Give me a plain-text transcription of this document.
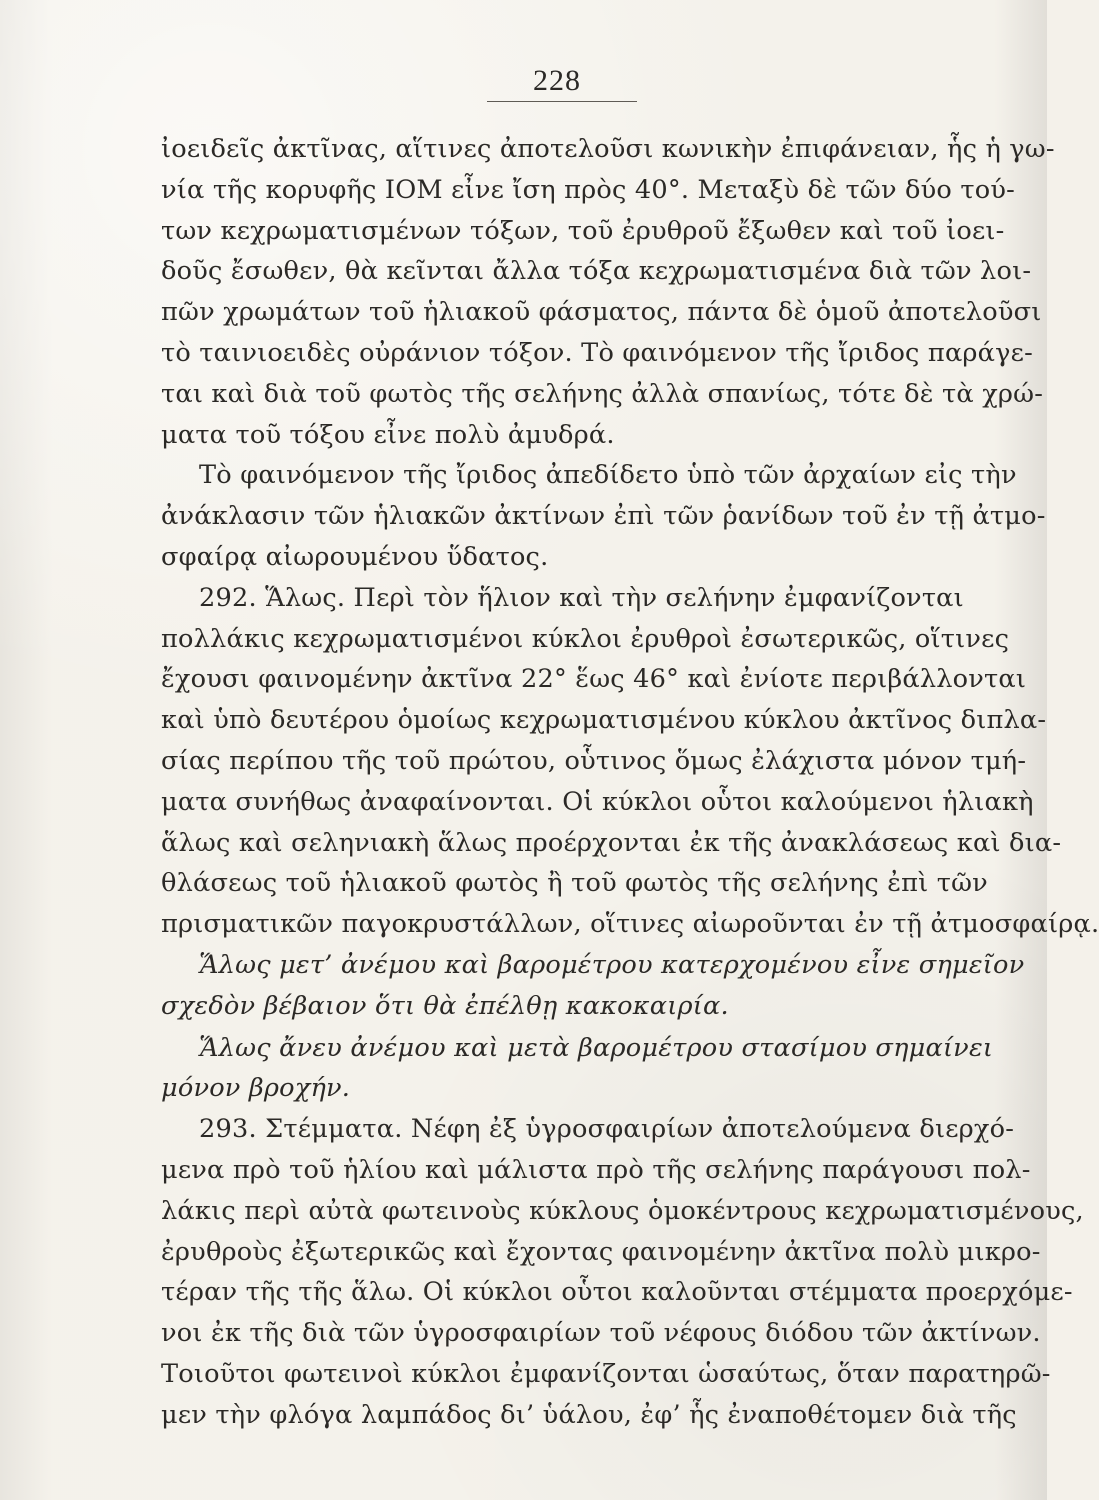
228
ἰοειδεῖς ἀκτῖνας, αἵτινες ἀποτελοῦσι κωνικὴν ἐπιφάνειαν, ἧς ἡ γω-
νία τῆς κορυφῆς ΙΟΜ εἶνε ἴση πρὸς 40°. Μεταξὺ δὲ τῶν δύο τού-
των κεχρωματισμένων τόξων, τοῦ ἐρυθροῦ ἔξωθεν καὶ τοῦ ἰοει-
δοῦς ἔσωθεν, θὰ κεῖνται ἄλλα τόξα κεχρωματισμένα διὰ τῶν λοι-
πῶν χρωμάτων τοῦ ἡλιακοῦ φάσματος, πάντα δὲ ὁμοῦ ἀποτελοῦσι
τὸ ταινιοειδὲς οὐράνιον τόξον. Τὸ φαινόμενον τῆς ἴριδος παράγε-
ται καὶ διὰ τοῦ φωτὸς τῆς σελήνης ἀλλὰ σπανίως, τότε δὲ τὰ χρώ-
ματα τοῦ τόξου εἶνε πολὺ ἀμυδρά.
Τὸ φαινόμενον τῆς ἴριδος ἀπεδίδετο ὑπὸ τῶν ἀρχαίων εἰς τὴν
ἀνάκλασιν τῶν ἡλιακῶν ἀκτίνων ἐπὶ τῶν ῥανίδων τοῦ ἐν τῇ ἀτμο-
σφαίρᾳ αἰωρουμένου ὕδατος.
292. Ἅλως. Περὶ τὸν ἥλιον καὶ τὴν σελήνην ἐμφανίζονται
πολλάκις κεχρωματισμένοι κύκλοι ἐρυθροὶ ἐσωτερικῶς, οἵτινες
ἔχουσι φαινομένην ἀκτῖνα 22° ἕως 46° καὶ ἐνίοτε περιβάλλονται
καὶ ὑπὸ δευτέρου ὁμοίως κεχρωματισμένου κύκλου ἀκτῖνος διπλα-
σίας περίπου τῆς τοῦ πρώτου, οὗτινος ὅμως ἐλάχιστα μόνον τμή-
ματα συνήθως ἀναφαίνονται. Οἱ κύκλοι οὗτοι καλούμενοι ἡλιακὴ
ἅλως καὶ σεληνιακὴ ἅλως προέρχονται ἐκ τῆς ἀνακλάσεως καὶ δια-
θλάσεως τοῦ ἡλιακοῦ φωτὸς ἢ τοῦ φωτὸς τῆς σελήνης ἐπὶ τῶν
πρισματικῶν παγοκρυστάλλων, οἵτινες αἰωροῦνται ἐν τῇ ἀτμοσφαίρᾳ.
Ἅλως μετ’ ἀνέμου καὶ βαρομέτρου κατερχομένου εἶνε σημεῖον
σχεδὸν βέβαιον ὅτι θὰ ἐπέλθῃ κακοκαιρία.
Ἅλως ἄνευ ἀνέμου καὶ μετὰ βαρομέτρου στασίμου σημαίνει
μόνον βροχήν.
293. Στέμματα. Νέφη ἐξ ὑγροσφαιρίων ἀποτελούμενα διερχό-
μενα πρὸ τοῦ ἡλίου καὶ μάλιστα πρὸ τῆς σελήνης παράγουσι πολ-
λάκις περὶ αὐτὰ φωτεινοὺς κύκλους ὁμοκέντρους κεχρωματισμένους,
ἐρυθροὺς ἐξωτερικῶς καὶ ἔχοντας φαινομένην ἀκτῖνα πολὺ μικρο-
τέραν τῆς τῆς ἅλω. Οἱ κύκλοι οὗτοι καλοῦνται στέμματα προερχόμε-
νοι ἐκ τῆς διὰ τῶν ὑγροσφαιρίων τοῦ νέφους διόδου τῶν ἀκτίνων.
Τοιοῦτοι φωτεινοὶ κύκλοι ἐμφανίζονται ὡσαύτως, ὅταν παρατηρῶ-
μεν τὴν φλόγα λαμπάδος δι’ ὑάλου, ἐφ’ ἧς ἐναποθέτομεν διὰ τῆς
